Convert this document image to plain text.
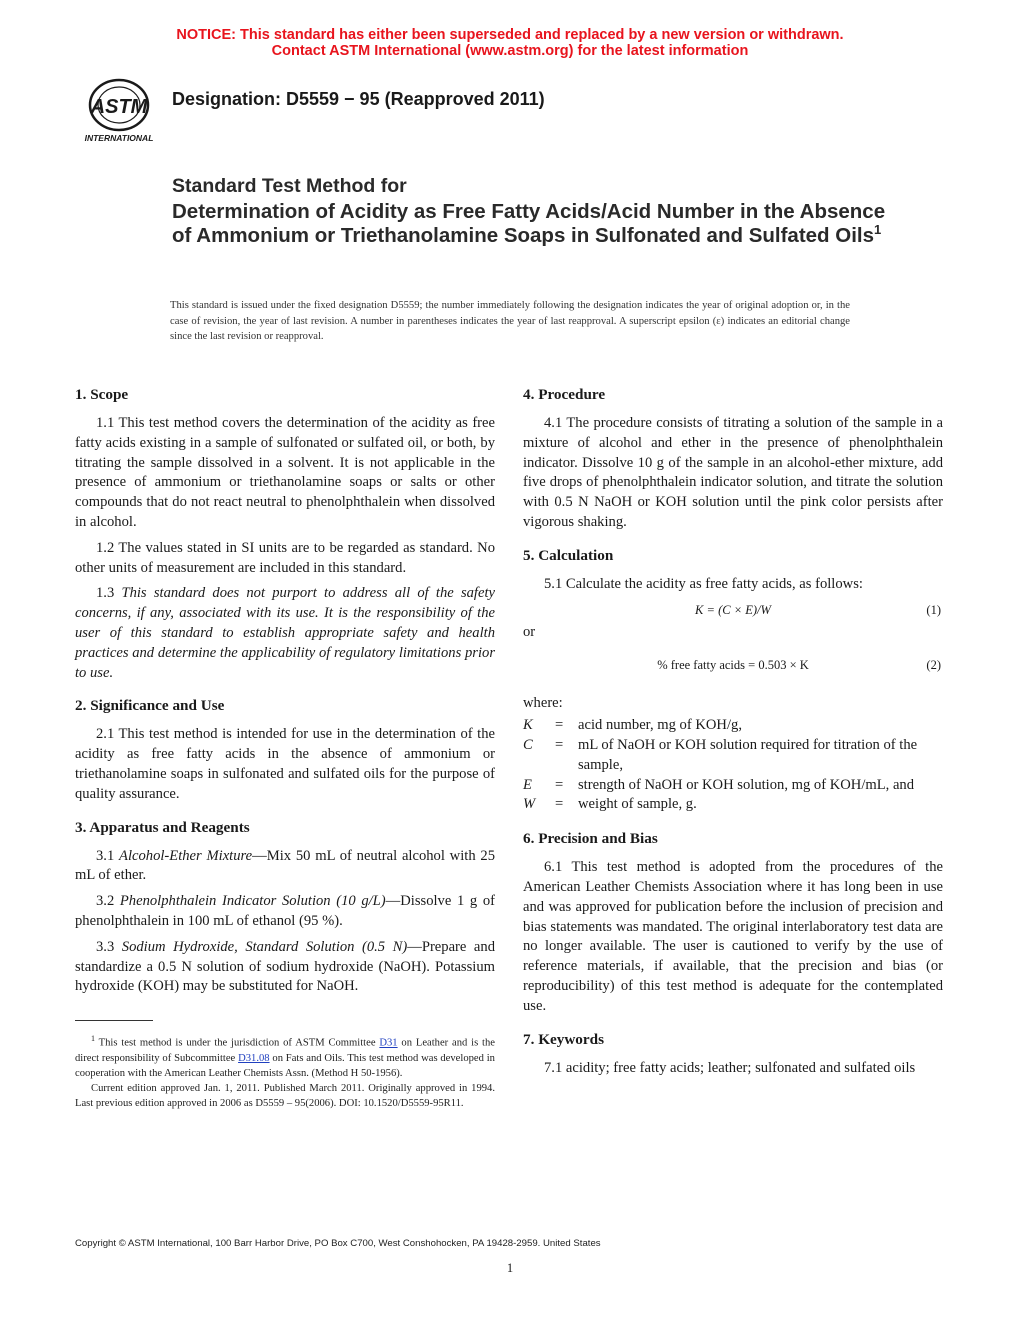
NOTICE: This standard has either been superseded and replaced by a new version or withdrawn.
Contact ASTM International (www.astm.org) for the latest information
ASTM
INTERNATIONAL
Designation: D5559 − 95 (Reapproved 2011)
Standard Test Method for
Determination of Acidity as Free Fatty Acids/Acid Number in the Absence of Ammonium or Triethanolamine Soaps in Sulfonated and Sulfated Oils$^1$
This standard is issued under the fixed designation D5559; the number immediately following the designation indicates the year of original adoption or, in the case of revision, the year of last revision. A number in parentheses indicates the year of last reapproval. A superscript epsilon (ε) indicates an editorial change since the last revision or reapproval.
1. Scope

1.1 This test method covers the determination of the acidity as free fatty acids existing in a sample of sulfonated or sulfated oil, or both, by titrating the sample dissolved in a solvent. It is not applicable in the presence of ammonium or triethanolamine soaps or salts or other compounds that do not react neutral to phenolphthalein when dissolved in alcohol.

1.2 The values stated in SI units are to be regarded as standard. No other units of measurement are included in this standard.

1.3 This standard does not purport to address all of the safety concerns, if any, associated with its use. It is the responsibility of the user of this standard to establish appropriate safety and health practices and determine the applicability of regulatory limitations prior to use.

2. Significance and Use

2.1 This test method is intended for use in the determination of the acidity as free fatty acids in the absence of ammonium or triethanolamine soaps in sulfonated and sulfated oils for the purpose of quality assurance.

3. Apparatus and Reagents

3.1 Alcohol-Ether Mixture—Mix 50 mL of neutral alcohol with 25 mL of ether.

3.2 Phenolphthalein Indicator Solution (10 g/L)—Dissolve 1 g of phenolphthalein in 100 mL of ethanol (95 %).

3.3 Sodium Hydroxide, Standard Solution (0.5 N)—Prepare and standardize a 0.5 N solution of sodium hydroxide (NaOH). Potassium hydroxide (KOH) may be substituted for NaOH.

4. Procedure

4.1 The procedure consists of titrating a solution of the sample in a mixture of alcohol and ether in the presence of phenolphthalein indicator. Dissolve 10 g of the sample in an alcohol-ether mixture, add five drops of phenolphthalein indicator solution, and titrate the solution with 0.5 N NaOH or KOH solution until the pink color persists after vigorous shaking.

5. Calculation

5.1 Calculate the acidity as free fatty acids, as follows:

K = (C × E)/W	(1)
or
% free fatty acids = 0.503 × K	(2)
where:
K	=	acid number, mg of KOH/g,
C	=	mL of NaOH or KOH solution required for titration of the sample,
E	=	strength of NaOH or KOH solution, mg of KOH/mL, and
W	=	weight of sample, g.
6. Precision and Bias

6.1 This test method is adopted from the procedures of the American Leather Chemists Association where it has long been in use and was approved for publication before the inclusion of precision and bias statements was mandated. The original interlaboratory test data are no longer available. The user is cautioned to verify by the use of reference materials, if available, that the precision and bias (or reproducibility) of this test method is adequate for the contemplated use.

7. Keywords

7.1 acidity; free fatty acids; leather; sulfonated and sulfated oils

$^1$ This test method is under the jurisdiction of ASTM Committee D31 on Leather and is the direct responsibility of Subcommittee D31.08 on Fats and Oils. This test method was developed in cooperation with the American Leather Chemists Assn. (Method H 50-1956).

Current edition approved Jan. 1, 2011. Published March 2011. Originally approved in 1994. Last previous edition approved in 2006 as D5559 – 95(2006). DOI: 10.1520/D5559-95R11.

Copyright © ASTM International, 100 Barr Harbor Drive, PO Box C700, West Conshohocken, PA 19428-2959. United States
1
